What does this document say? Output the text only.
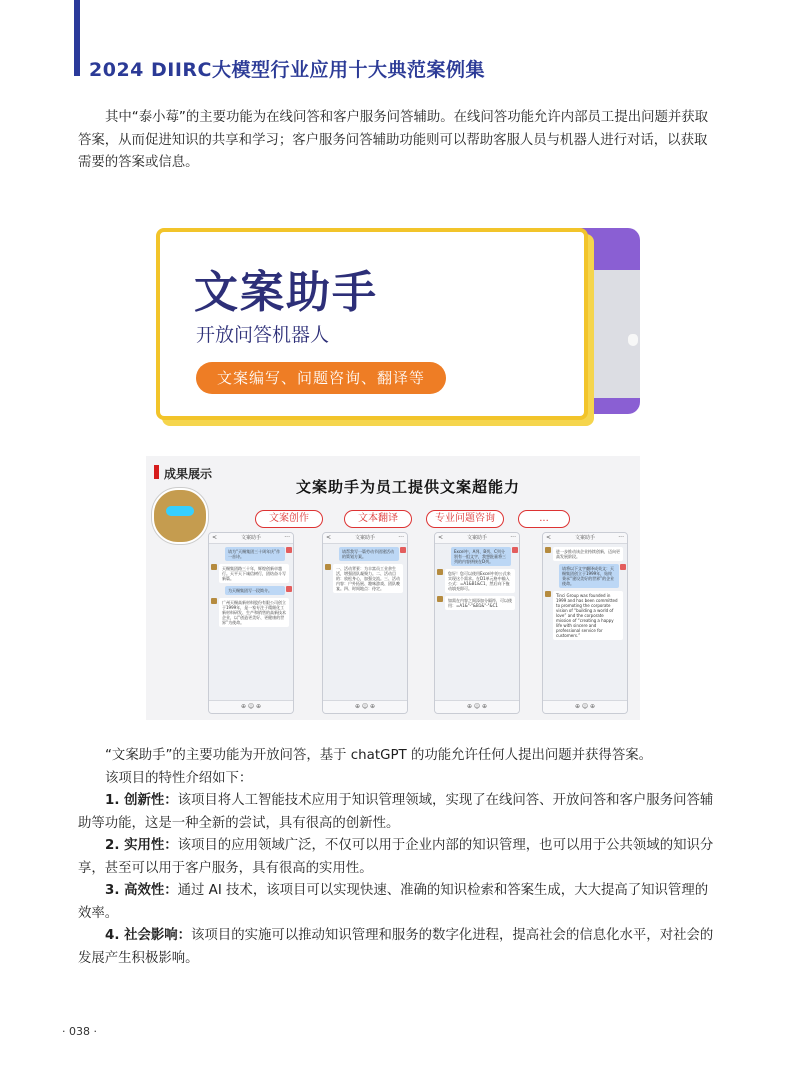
2024 DIIRC大模型行业应用十大典范案例集
其中“泰小莓”的主要功能为在线问答和客户服务问答辅助。在线问答功能允许内部员工提出问题并获取答案，从而促进知识的共享和学习；客户服务问答辅助功能则可以帮助客服人员与机器人进行对话，以获取需要的答案或信息。
文案助手
开放问答机器人
文案编写、问题咨询、翻译等
成果展示
文案助手为员工提供文案超能力
文案创作	文本翻译	专业问题咨询	...
<	文案助手	···
请为“天赐集团三十周年庆”作一首诗。
天赐集团路三十年，辉煌创新卓越行。天平天下诚信树行，团结奋斗写新篇。
为天赐集团写一段简介。
广州天赐高新材料股份有限公司创立于1999年，是一家专注于精细化工新材料研发、生产和销售的高新技术企业，以“创造更美好、更健康的世界”为使命。
⊕ ☺ ⊕
<	文案助手	···
请帮我写一篇劳动节团建活动的策划方案。
一、活动背景：为丰富员工业余生活，增强团队凝聚力。二、活动目的：放松身心，加强交流。三、活动内容：户外拓展、趣味游戏、团队晚宴。四、时间地点：待定。
⊕ ☺ ⊕
<	文案助手	···
Excel中，A列、B列、C列分别有一组文字，我想批量将三列的内容拼接在D列。
您好！您可以使用Excel中的公式来实现这个需求。在D1单元格中输入公式：=A1&B1&C1，然后向下拖动填充即可。
如需在内容之间添加分隔符，可以使用：=A1&"-"&B1&"-"&C1
⊕ ☺ ⊕
<	文案助手	···
进一步推动该企业持续创新，迈向更高发展阶段。
请将以下文字翻译成英文：天赐集团创立于1999年，始终秉承“建设美好的世界”的企业使命。
Tinci Group was founded in 1999 and has been committed to promoting the corporate vision of “building a world of love” and the corporate mission of “creating a happy life with sincere and professional service for customers.”
⊕ ☺ ⊕
“文案助手”的主要功能为开放问答，基于 chatGPT 的功能允许任何人提出问题并获得答案。
该项目的特性介绍如下：
1. 创新性：该项目将人工智能技术应用于知识管理领域，实现了在线问答、开放问答和客户服务问答辅助等功能，这是一种全新的尝试，具有很高的创新性。
2. 实用性：该项目的应用领域广泛，不仅可以用于企业内部的知识管理，也可以用于公共领域的知识分享，甚至可以用于客户服务，具有很高的实用性。
3. 高效性：通过 AI 技术，该项目可以实现快速、准确的知识检索和答案生成，大大提高了知识管理的效率。
4. 社会影响：该项目的实施可以推动知识管理和服务的数字化进程，提高社会的信息化水平，对社会的发展产生积极影响。
· 038 ·
